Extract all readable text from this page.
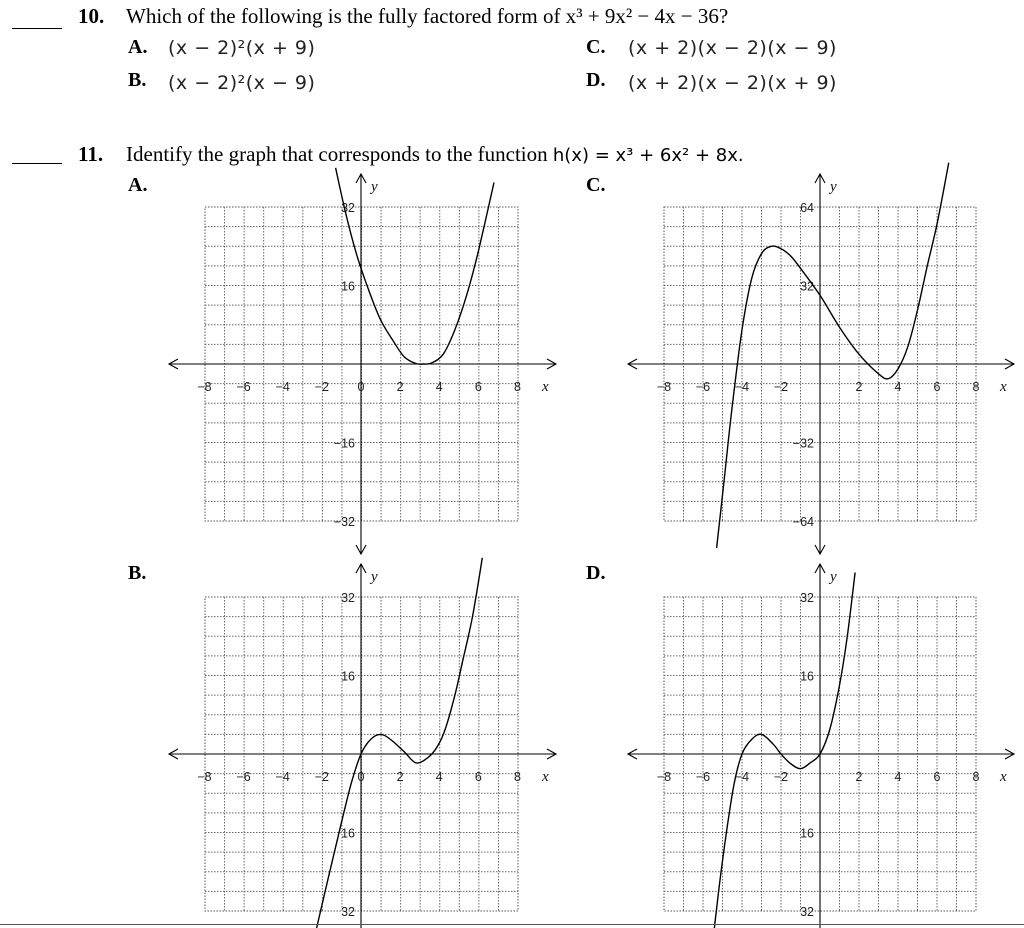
10. Which of the following is the fully factored form of x³ + 9x² − 4x − 36?
A. (x − 2)²(x + 9)
B. (x − 2)²(x − 9)
C. (x + 2)(x − 2)(x − 9)
D. (x + 2)(x − 2)(x + 9)
11. Identify the graph that corresponds to the function h(x) = x³ + 6x² + 8x.
A.
B.
C.
D.
x
y
−8 −6 −4 −2 0	2	4	6	8
32
16
−16
−32
x
y
−8 −6 −4 −2 0	2	4	6	8
32
16
16
32
x
y
−8 −6 −4 −2	2	4	6	8
64
32
−32
−64
x
y
−8 −6 −4 −2	2	4	6	8
32
16
16
32
